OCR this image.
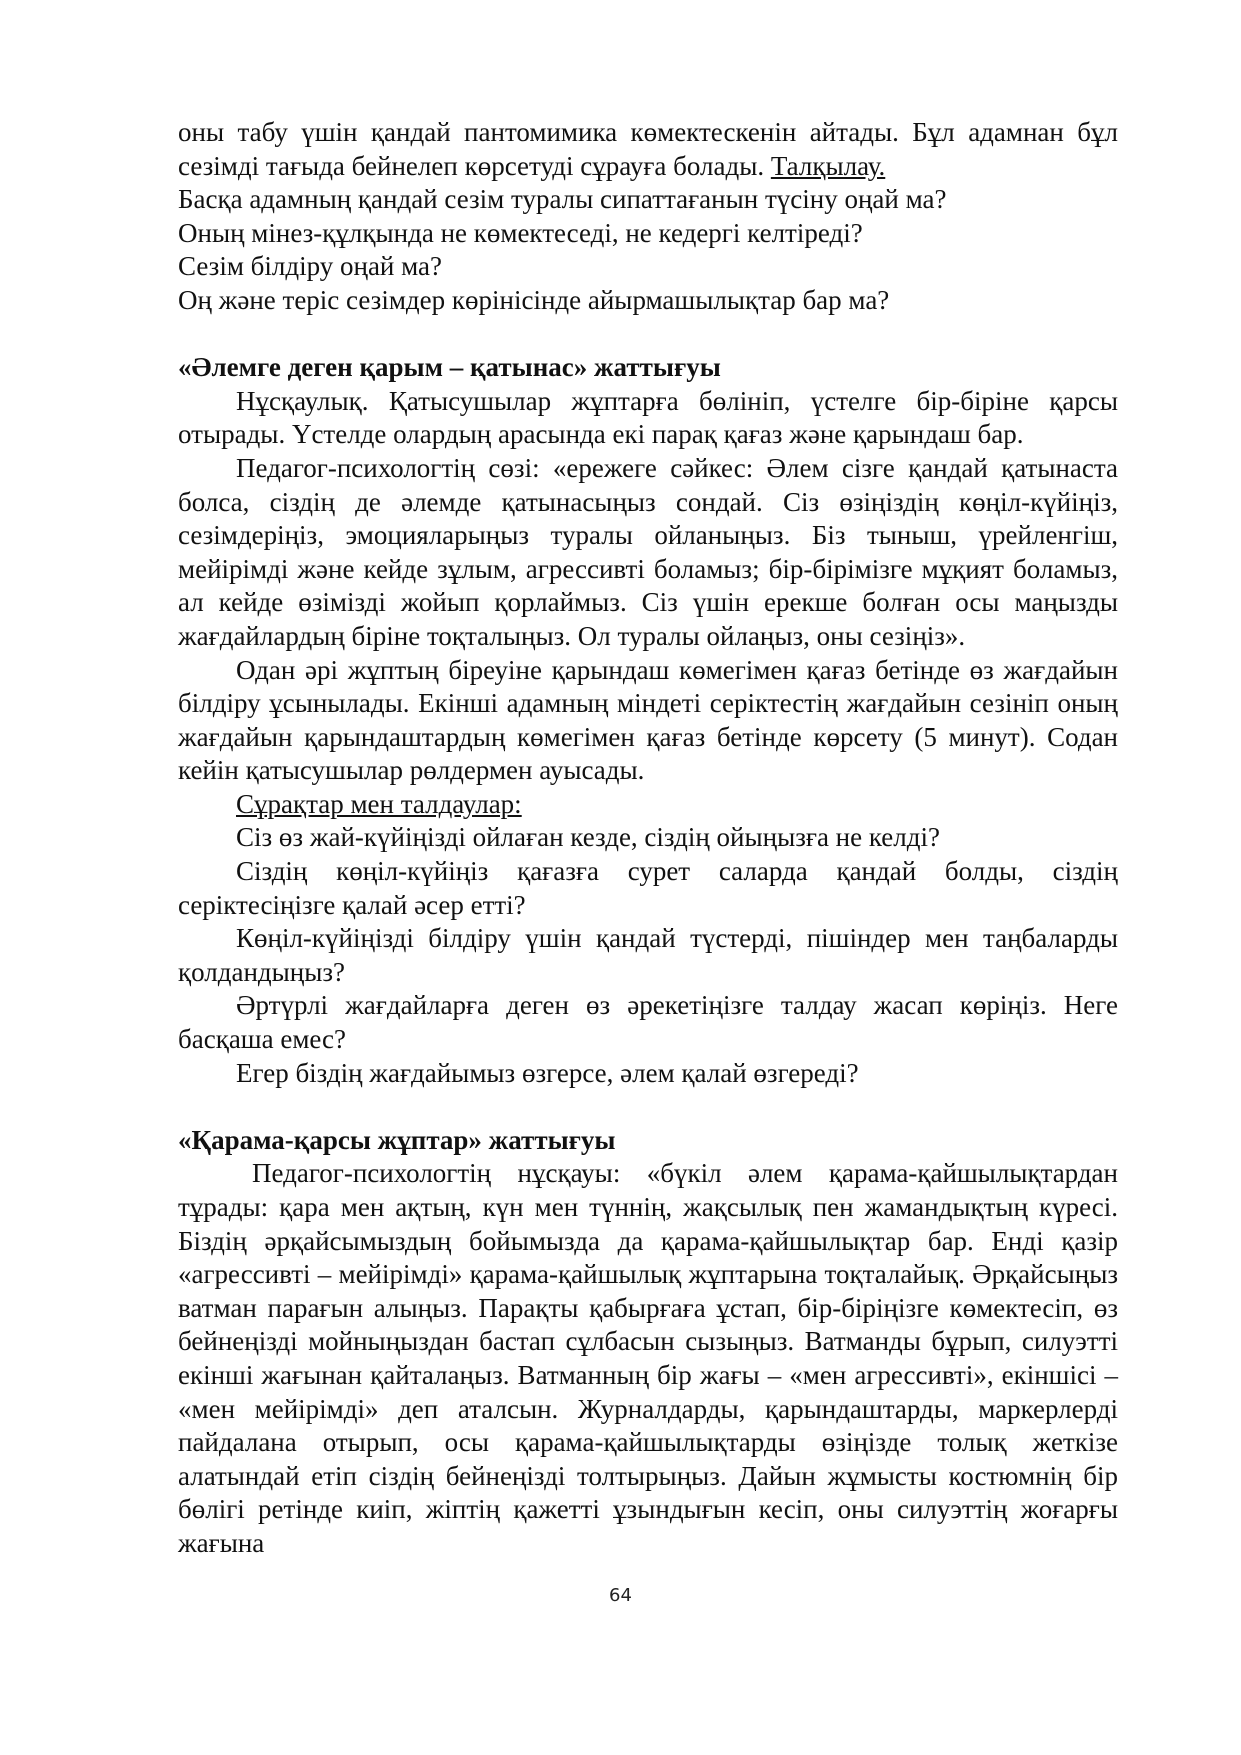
оны табу үшін қандай пантомимика көмектескенін айтады. Бұл адамнан бұл сезімді тағыда бейнелеп көрсетуді сұрауға болады. Талқылау.

Басқа адамның қандай сезім туралы сипаттағанын түсіну оңай ма?

Оның мінез-құлқында не көмектеседі, не кедергі келтіреді?

Сезім білдіру оңай ма?

Оң және теріс сезімдер көрінісінде айырмашылықтар бар ма?

«Әлемге деген қарым – қатынас» жаттығуы

Нұсқаулық. Қатысушылар жұптарға бөлініп, үстелге бір-біріне қарсы отырады. Үстелде олардың арасында екі парақ қағаз және қарындаш бар.

Педагог-психологтің сөзі: «ережеге сәйкес: Әлем сізге қандай қатынаста болса, сіздің де әлемде қатынасыңыз сондай. Сіз өзіңіздің көңіл-күйіңіз, сезімдеріңіз, эмоцияларыңыз туралы ойланыңыз. Біз тыныш, үрейленгіш, мейірімді және кейде зұлым, агрессивті боламыз; бір-бірімізге мұқият боламыз, ал кейде өзімізді жойып қорлаймыз. Сіз үшін ерекше болған осы маңызды жағдайлардың біріне тоқталыңыз. Ол туралы ойлаңыз, оны сезіңіз».

Одан әрі жұптың біреуіне қарындаш көмегімен қағаз бетінде өз жағдайын білдіру ұсынылады. Екінші адамның міндеті серіктестің жағдайын сезініп оның жағдайын қарындаштардың көмегімен қағаз бетінде көрсету (5 минут). Содан кейін қатысушылар рөлдермен ауысады.

Сұрақтар мен талдаулар:

Сіз өз жай-күйіңізді ойлаған кезде, сіздің ойыңызға не келді?

Сіздің көңіл-күйіңіз қағазға сурет саларда қандай болды, сіздің серіктесіңізге қалай әсер етті?

Көңіл-күйіңізді білдіру үшін қандай түстерді, пішіндер мен таңбаларды қолдандыңыз?

Әртүрлі жағдайларға деген өз әрекетіңізге талдау жасап көріңіз. Неге басқаша емес?

Егер біздің жағдайымыз өзгерсе, әлем қалай өзгереді?

«Қарама-қарсы жұптар» жаттығуы

Педагог-психологтің нұсқауы: «бүкіл әлем қарама-қайшылықтардан тұрады: қара мен ақтың, күн мен түннің, жақсылық пен жамандықтың күресі. Біздің әрқайсымыздың бойымызда да қарама-қайшылықтар бар. Енді қазір «агрессивті – мейірімді» қарама-қайшылық жұптарына тоқталайық. Әрқайсыңыз ватман парағын алыңыз. Парақты қабырғаға ұстап, бір-біріңізге көмектесіп, өз бейнеңізді мойныңыздан бастап сұлбасын сызыңыз. Ватманды бұрып, силуэтті екінші жағынан қайталаңыз. Ватманның бір жағы – «мен агрессивті», екіншісі – «мен мейірімді» деп аталсын. Журналдарды, қарындаштарды, маркерлерді пайдалана отырып, осы қарама-қайшылықтарды өзіңізде толық жеткізе алатындай етіп сіздің бейнеңізді толтырыңыз. Дайын жұмысты костюмнің бір бөлігі ретінде киіп, жіптің қажетті ұзындығын кесіп, оны силуэттің жоғарғы жағына

64
